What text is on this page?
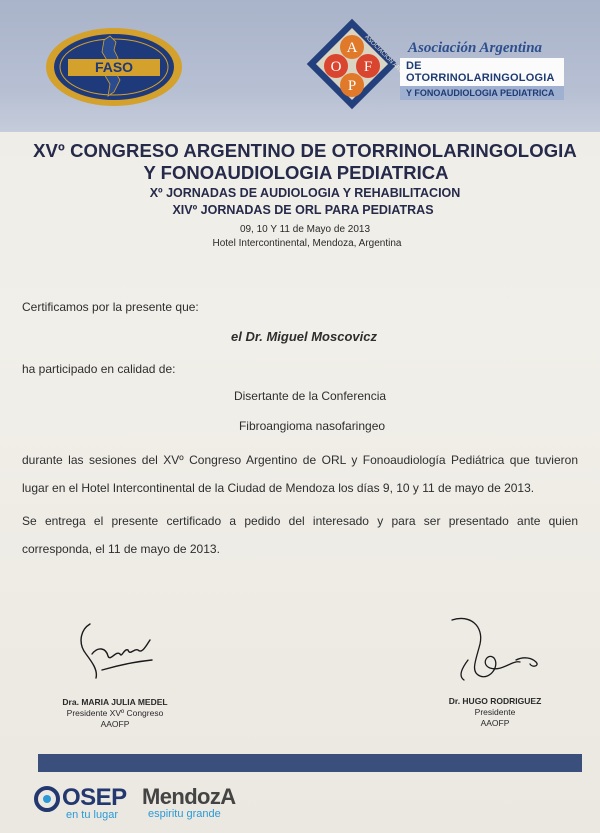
FASO
ASOCIACION ARGENTINA
A
O F
P
Asociación Argentina
DE OTORRINOLARINGOLOGIA
Y FONOAUDIOLOGIA PEDIATRICA
XVº CONGRESO ARGENTINO DE OTORRINOLARINGOLOGIA
Y FONOAUDIOLOGIA PEDIATRICA
Xº JORNADAS DE AUDIOLOGIA Y REHABILITACION
XIVº JORNADAS DE ORL PARA PEDIATRAS
09, 10 Y 11 de Mayo de 2013
Hotel Intercontinental, Mendoza, Argentina
Certificamos por la presente que:
el Dr. Miguel Moscovicz
ha participado en calidad de:
Disertante de la Conferencia
Fibroangioma nasofaringeo
durante las sesiones del XVº Congreso Argentino de ORL y Fonoaudiología Pediátrica que tuvieron lugar en el Hotel Intercontinental de la Ciudad de Mendoza los días 9, 10 y 11 de mayo de 2013.
Se entrega el presente certificado a pedido del interesado y para ser presentado ante quien corresponda, el 11 de mayo de 2013.
Dra. MARIA JULIA MEDEL
Presidente XVº Congreso
AAOFP
Dr. HUGO RODRIGUEZ
Presidente
AAOFP
OSEP
en tu lugar
MendozA
espiritu grande
